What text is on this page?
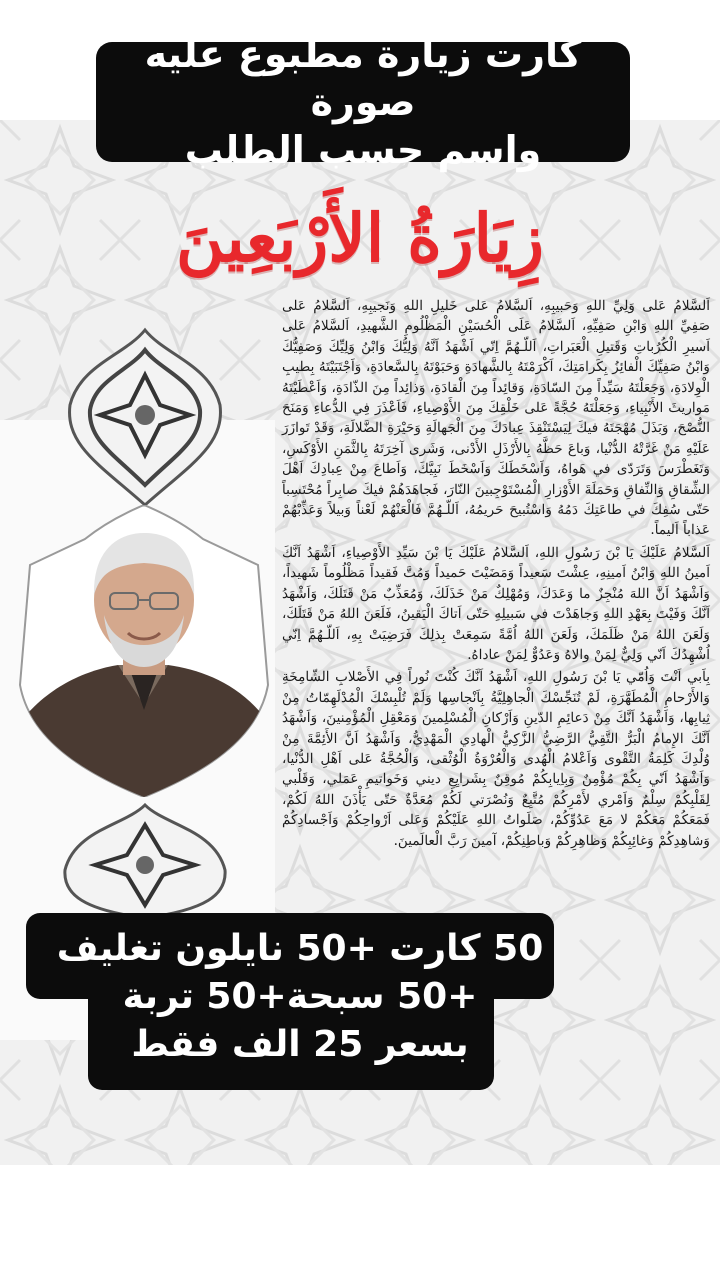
كارت زيارة مطبوع عليه صورة
واسم حسب الطلب
زِيَارَةُ الأَرْبَعِينَ

اَلسَّلامُ عَلى وَلِيِّ اللهِ وَحَبيبِهِ، اَلسَّلامُ عَلى خَليلِ اللهِ وَنَجيبِهِ، اَلسَّلامُ عَلى صَفِيِّ اللهِ وَابْنِ صَفِيِّهِ، اَلسَّلامُ عَلَى الْحُسَيْنِ الْمَظْلُومِ الشَّهيدِ، اَلسَّلامُ عَلى اَسيرِ الْكُرُباتِ وَقَتيلِ الْعَبَراتِ، اَللّـهُمَّ اِنّي اَشْهَدُ اَنَّهُ وَلِيُّكَ وَابْنُ وَلِيِّكَ وَصَفِيُّكَ وَابْنُ صَفِيِّكَ الْفائِزُ بِكَرامَتِكَ، اَكْرَمْتَهُ بِالشَّهادَةِ وَحَبَوْتَهُ بِالسَّعادَةِ، وَاَجْتَبَيْتَهُ بِطيبِ الْوِلادَةِ، وَجَعَلْتَهُ سَيِّداً مِنَ السّادَةِ، وَقائِداً مِنَ الْقادَةِ، وَذائِداً مِنَ الذّادَةِ، وَاَعْطَيْتَهُ مَواريثَ الأَنْبِياءِ، وَجَعَلْتَهُ حُجَّةً عَلى خَلْقِكَ مِنَ الأَوْصِياءِ، فَاَعْذَرَ فِي الدُّعاءِ وَمَنَحَ النُّصْحَ، وَبَذَلَ مُهْجَتَهُ فيكَ لِيَسْتَنْقِذَ عِبادَكَ مِنَ الْجَهالَةِ وَحَيْرَةِ الضَّلالَةِ، وَقَدْ تَوازَرَ عَلَيْهِ مَنْ غَرَّتْهُ الدُّنْيا، وَباعَ حَظَّهُ بِالأَرْذَلِ الأَدْنى، وَشَرى آخِرَتَهُ بِالثَّمَنِ الأَوْكَسِ، وَتَغَطْرَسَ وَتَرَدّى في هَواهُ، وَاَسْخَطَكَ وَاَسْخَطَ نَبِيَّكَ، وَاَطاعَ مِنْ عِبادِكَ اَهْلَ الشِّقاقِ وَالنِّفاقِ وَحَمَلَةَ الأَوْزارِ الْمُسْتَوْجِبينَ النّارَ، فَجاهَدَهُمْ فيكَ صابِراً مُحْتَسِباً حَتّى سُفِكَ في طاعَتِكَ دَمُهُ وَاسْتُبيحَ حَريمُهُ، اَللّـهُمَّ فَالْعَنْهُمْ لَعْناً وَبيلاً وَعَذِّبْهُمْ عَذاباً اَليماً.

اَلسَّلامُ عَلَيْكَ يَا بْنَ رَسُولِ اللهِ، اَلسَّلامُ عَلَيْكَ يَا بْنَ سَيِّدِ الأَوْصِياءِ، اَشْهَدُ اَنَّكَ اَمينُ اللهِ وَابْنُ اَمينِهِ، عِشْتَ سَعيداً وَمَضَيْتَ حَميداً وَمُتَّ فَقيداً مَظْلُوماً شَهيداً، وَاَشْهَدُ اَنَّ اللهَ مُنْجِزٌ ما وَعَدَكَ، وَمُهْلِكٌ مَنْ خَذَلَكَ، وَمُعَذِّبٌ مَنْ قَتَلَكَ، وَاَشْهَدُ اَنَّكَ وَفَيْتَ بِعَهْدِ اللهِ وَجاهَدْتَ في سَبيلِهِ حَتّى اَتاكَ الْيَقينُ، فَلَعَنَ اللهُ مَنْ قَتَلَكَ، وَلَعَنَ اللهُ مَنْ ظَلَمَكَ، وَلَعَنَ اللهُ اُمَّةً سَمِعَتْ بِذلِكَ فَرَضِيَتْ بِهِ، اَللّـهُمَّ اِنّي اُشْهِدُكَ اَنّي وَلِيٌّ لِمَنْ والاهُ وَعَدُوٌّ لِمَنْ عاداهُ.

بِاَبي اَنْتَ وَاُمّي يَا بْنَ رَسُولِ اللهِ، اَشْهَدُ اَنَّكَ كُنْتَ نُوراً فِي الأَصْلابِ الشّامِخَةِ وَالأَرْحامِ الْمُطَهَّرَةِ، لَمْ تُنَجِّسْكَ الْجاهِلِيَّةُ بِاَنْجاسِها وَلَمْ تُلْبِسْكَ الْمُدْلَهِمّاتُ مِنْ ثِيابِها، وَاَشْهَدُ اَنَّكَ مِنْ دَعائِمِ الدّينِ وَاَرْكانِ الْمُسْلِمينَ وَمَعْقِلِ الْمُؤْمِنينَ، وَاَشْهَدُ اَنَّكَ الإِمامُ الْبَرُّ التَّقِيُّ الرَّضِيُّ الزَّكِيُّ الْهادِي الْمَهْدِيُّ، وَاَشْهَدُ اَنَّ الأَئِمَّةَ مِنْ وُلْدِكَ كَلِمَةُ التَّقْوى وَاَعْلامُ الْهُدى وَالْعُرْوَةُ الْوُثْقى، وَالْحُجَّةُ عَلى اَهْلِ الدُّنْيا، وَاَشْهَدُ اَنّي بِكُمْ مُؤْمِنٌ وَبِاِيابِكُمْ مُوقِنٌ بِشَرايِعِ ديني وَخَواتيمِ عَمَلي، وَقَلْبي لِقَلْبِكُمْ سِلْمٌ وَاَمْري لأَمْرِكُمْ مُتَّبِعٌ وَنُصْرَتي لَكُمْ مُعَدَّةٌ حَتّى يَأْذَنَ اللهُ لَكُمْ، فَمَعَكُمْ مَعَكُمْ لا مَعَ عَدُوِّكُمْ، صَلَواتُ اللهِ عَلَيْكُمْ وَعَلى اَرْواحِكُمْ وَاَجْسادِكُمْ وَشاهِدِكُمْ وَغائِبِكُمْ وَظاهِرِكُمْ وَباطِنِكُمْ، آمينَ رَبَّ الْعالَمينَ.

50 كارت +50 نايلون تغليف
+50 سبحة+50 تربة
بسعر 25 الف فقط
